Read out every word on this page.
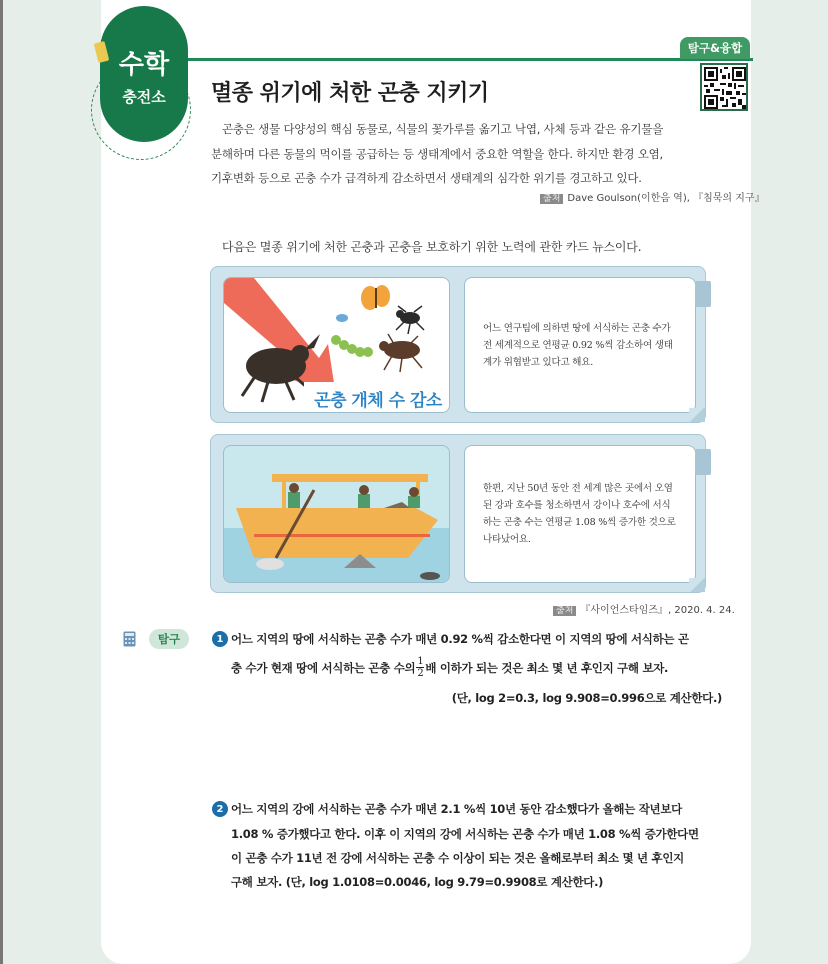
탐구&융합
수학
충전소 멸종 위기에 처한 곤충 지키기
곤충은 생물 다양성의 핵심 동물로, 식물의 꽃가루를 옮기고 낙엽, 사체 등과 같은 유기물을
분해하며 다른 동물의 먹이를 공급하는 등 생태계에서 중요한 역할을 한다. 하지만 환경 오염,
기후변화 등으로 곤충 수가 급격하게 감소하면서 생태계의 심각한 위기를 경고하고 있다.
출처 Dave Goulson(이한음 역), 『침묵의 지구』
다음은 멸종 위기에 처한 곤충과 곤충을 보호하기 위한 노력에 관한 카드 뉴스이다.
곤충 개체 수 감소
어느 연구팀에 의하면 땅에 서식하는 곤충 수가 전 세계적으로 연평균 0.92 %씩 감소하여 생태계가 위협받고 있다고 해요.
한편, 지난 50년 동안 전 세계 많은 곳에서 오염된 강과 호수를 청소하면서 강이나 호수에 서식하는 곤충 수는 연평균 1.08 %씩 증가한 것으로 나타났어요.
출처 『사이언스타임즈』, 2020. 4. 24.
탐구	1 어느 지역의 땅에 서식하는 곤충 수가 매년 0.92 %씩 감소한다면 이 지역의 땅에 서식하는 곤
충 수가 현재 땅에 서식하는 곤충 수의 $\frac{1}{2}$ 배 이하가 되는 것은 최소 몇 년 후인지 구해 보자.
(단, log 2=0.3, log 9.908=0.996으로 계산한다.)
2 어느 지역의 강에 서식하는 곤충 수가 매년 2.1 %씩 10년 동안 감소했다가 올해는 작년보다
1.08 % 증가했다고 한다. 이후 이 지역의 강에 서식하는 곤충 수가 매년 1.08 %씩 증가한다면
이 곤충 수가 11년 전 강에 서식하는 곤충 수 이상이 되는 것은 올해로부터 최소 몇 년 후인지
구해 보자. (단, log 1.0108=0.0046, log 9.79=0.9908로 계산한다.)
